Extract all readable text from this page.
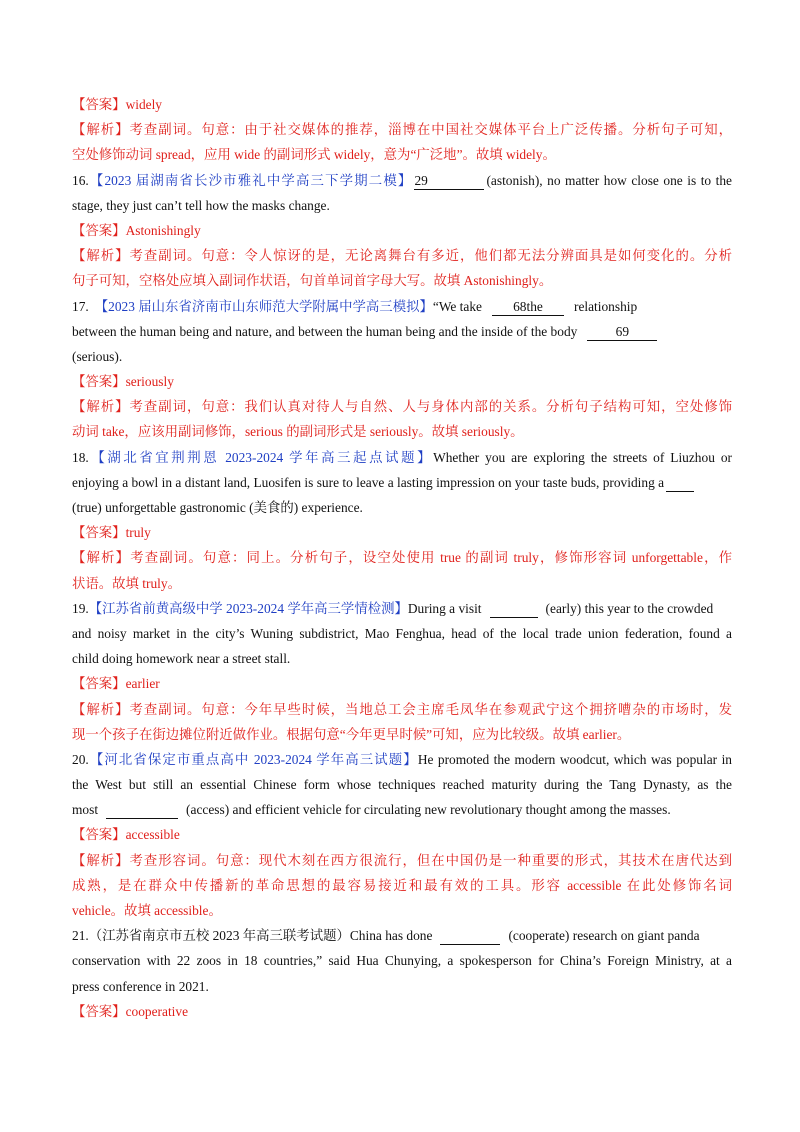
【答案】widely
【解析】考查副词。句意：由于社交媒体的推荐，淄博在中国社交媒体平台上广泛传播。分析句子可知，
空处修饰动词 spread，应用 wide 的副词形式 widely，意为“广泛地”。故填 widely。
16.【2023 届湖南省长沙市雅礼中学高三下学期二模】 29	(astonish), no matter how close one is to the
stage, they just can’t tell how the masks change.
【答案】Astonishingly
【解析】考查副词。句意：令人惊讶的是，无论离舞台有多近，他们都无法分辨面具是如何变化的。分析
句子可知，空格处应填入副词作状语，句首单词首字母大写。故填 Astonishingly。
17. 【2023 届山东省济南市山东师范大学附属中学高三模拟】“We take 68the relationship
between the human being and nature, and between the human being and the inside of the body	69
(serious).
【答案】seriously
【解析】考查副词，句意：我们认真对待人与自然、人与身体内部的关系。分析句子结构可知，空处修饰
动词 take，应该用副词修饰，serious 的副词形式是 seriously。故填 seriously。
18.【湖北省宜荆荆恩 2023-2024 学年高三起点试题】Whether you are exploring the streets of Liuzhou or
enjoying a bowl in a distant land, Luosifen is sure to leave a lasting impression on your taste buds, providing a
(true) unforgettable gastronomic (美食的) experience.
【答案】truly
【解析】考查副词。句意：同上。分析句子，设空处使用 true 的副词 truly，修饰形容词 unforgettable，作
状语。故填 truly。
19.【江苏省前黄高级中学 2023-2024 学年高三学情检测】During a visit	(early) this year to the crowded
and noisy market in the city’s Wuning subdistrict, Mao Fenghua, head of the local trade union federation, found a
child doing homework near a street stall.
【答案】earlier
【解析】考查副词。句意：今年早些时候，当地总工会主席毛凤华在参观武宁这个拥挤嘈杂的市场时，发
现一个孩子在街边摊位附近做作业。根据句意“今年更早时候”可知，应为比较级。故填 earlier。
20.【河北省保定市重点高中 2023-2024 学年高三试题】He promoted the modern woodcut, which was popular in
the West but still an essential Chinese form whose techniques reached maturity during the Tang Dynasty, as the
most	(access) and efficient vehicle for circulating new revolutionary thought among the masses.
【答案】accessible
【解析】考查形容词。句意：现代木刻在西方很流行，但在中国仍是一种重要的形式，其技术在唐代达到
成熟，是在群众中传播新的革命思想的最容易接近和最有效的工具。形容 accessible 在此处修饰名词
vehicle。故填 accessible。
21.（江苏省南京市五校 2023 年高三联考试题）China has done	(cooperate) research on giant panda
conservation with 22 zoos in 18 countries,” said Hua Chunying, a spokesperson for China’s Foreign Ministry, at a
press conference in 2021.
【答案】cooperative
